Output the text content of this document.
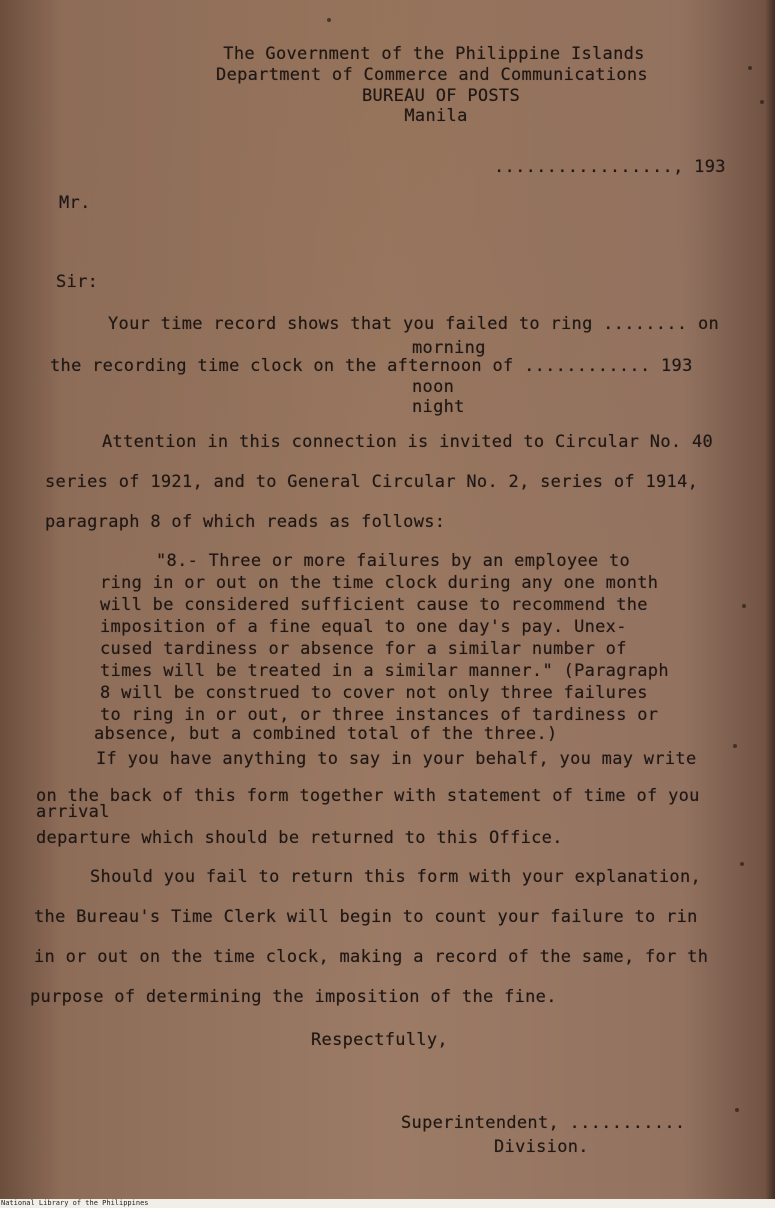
The Government of the Philippine Islands
Department of Commerce and Communications
BUREAU OF POSTS
Manila
................., 193
Mr.
Sir:
Your time record shows that you failed to ring ........ on
morning
the recording time clock on the afternoon of ............ 193
noon
night
Attention in this connection is invited to Circular No. 40
series of 1921, and to General Circular No. 2, series of 1914,
paragraph 8 of which reads as follows:
"8.- Three or more failures by an employee to
ring in or out on the time clock during any one month
will be considered sufficient cause to recommend the
imposition of a fine equal to one day's pay. Unex-
cused tardiness or absence for a similar number of
times will be treated in a similar manner." (Paragraph
8 will be construed to cover not only three failures
to ring in or out, or three instances of tardiness or
absence, but a combined total of the three.)
If you have anything to say in your behalf, you may write
on the back of this form together with statement of time of you
arrival
departure which should be returned to this Office.
Should you fail to return this form with your explanation,
the Bureau's Time Clerk will begin to count your failure to rin
in or out on the time clock, making a record of the same, for th
purpose of determining the imposition of the fine.
Respectfully,
Superintendent, ...........
Division.
National Library of the Philippines
